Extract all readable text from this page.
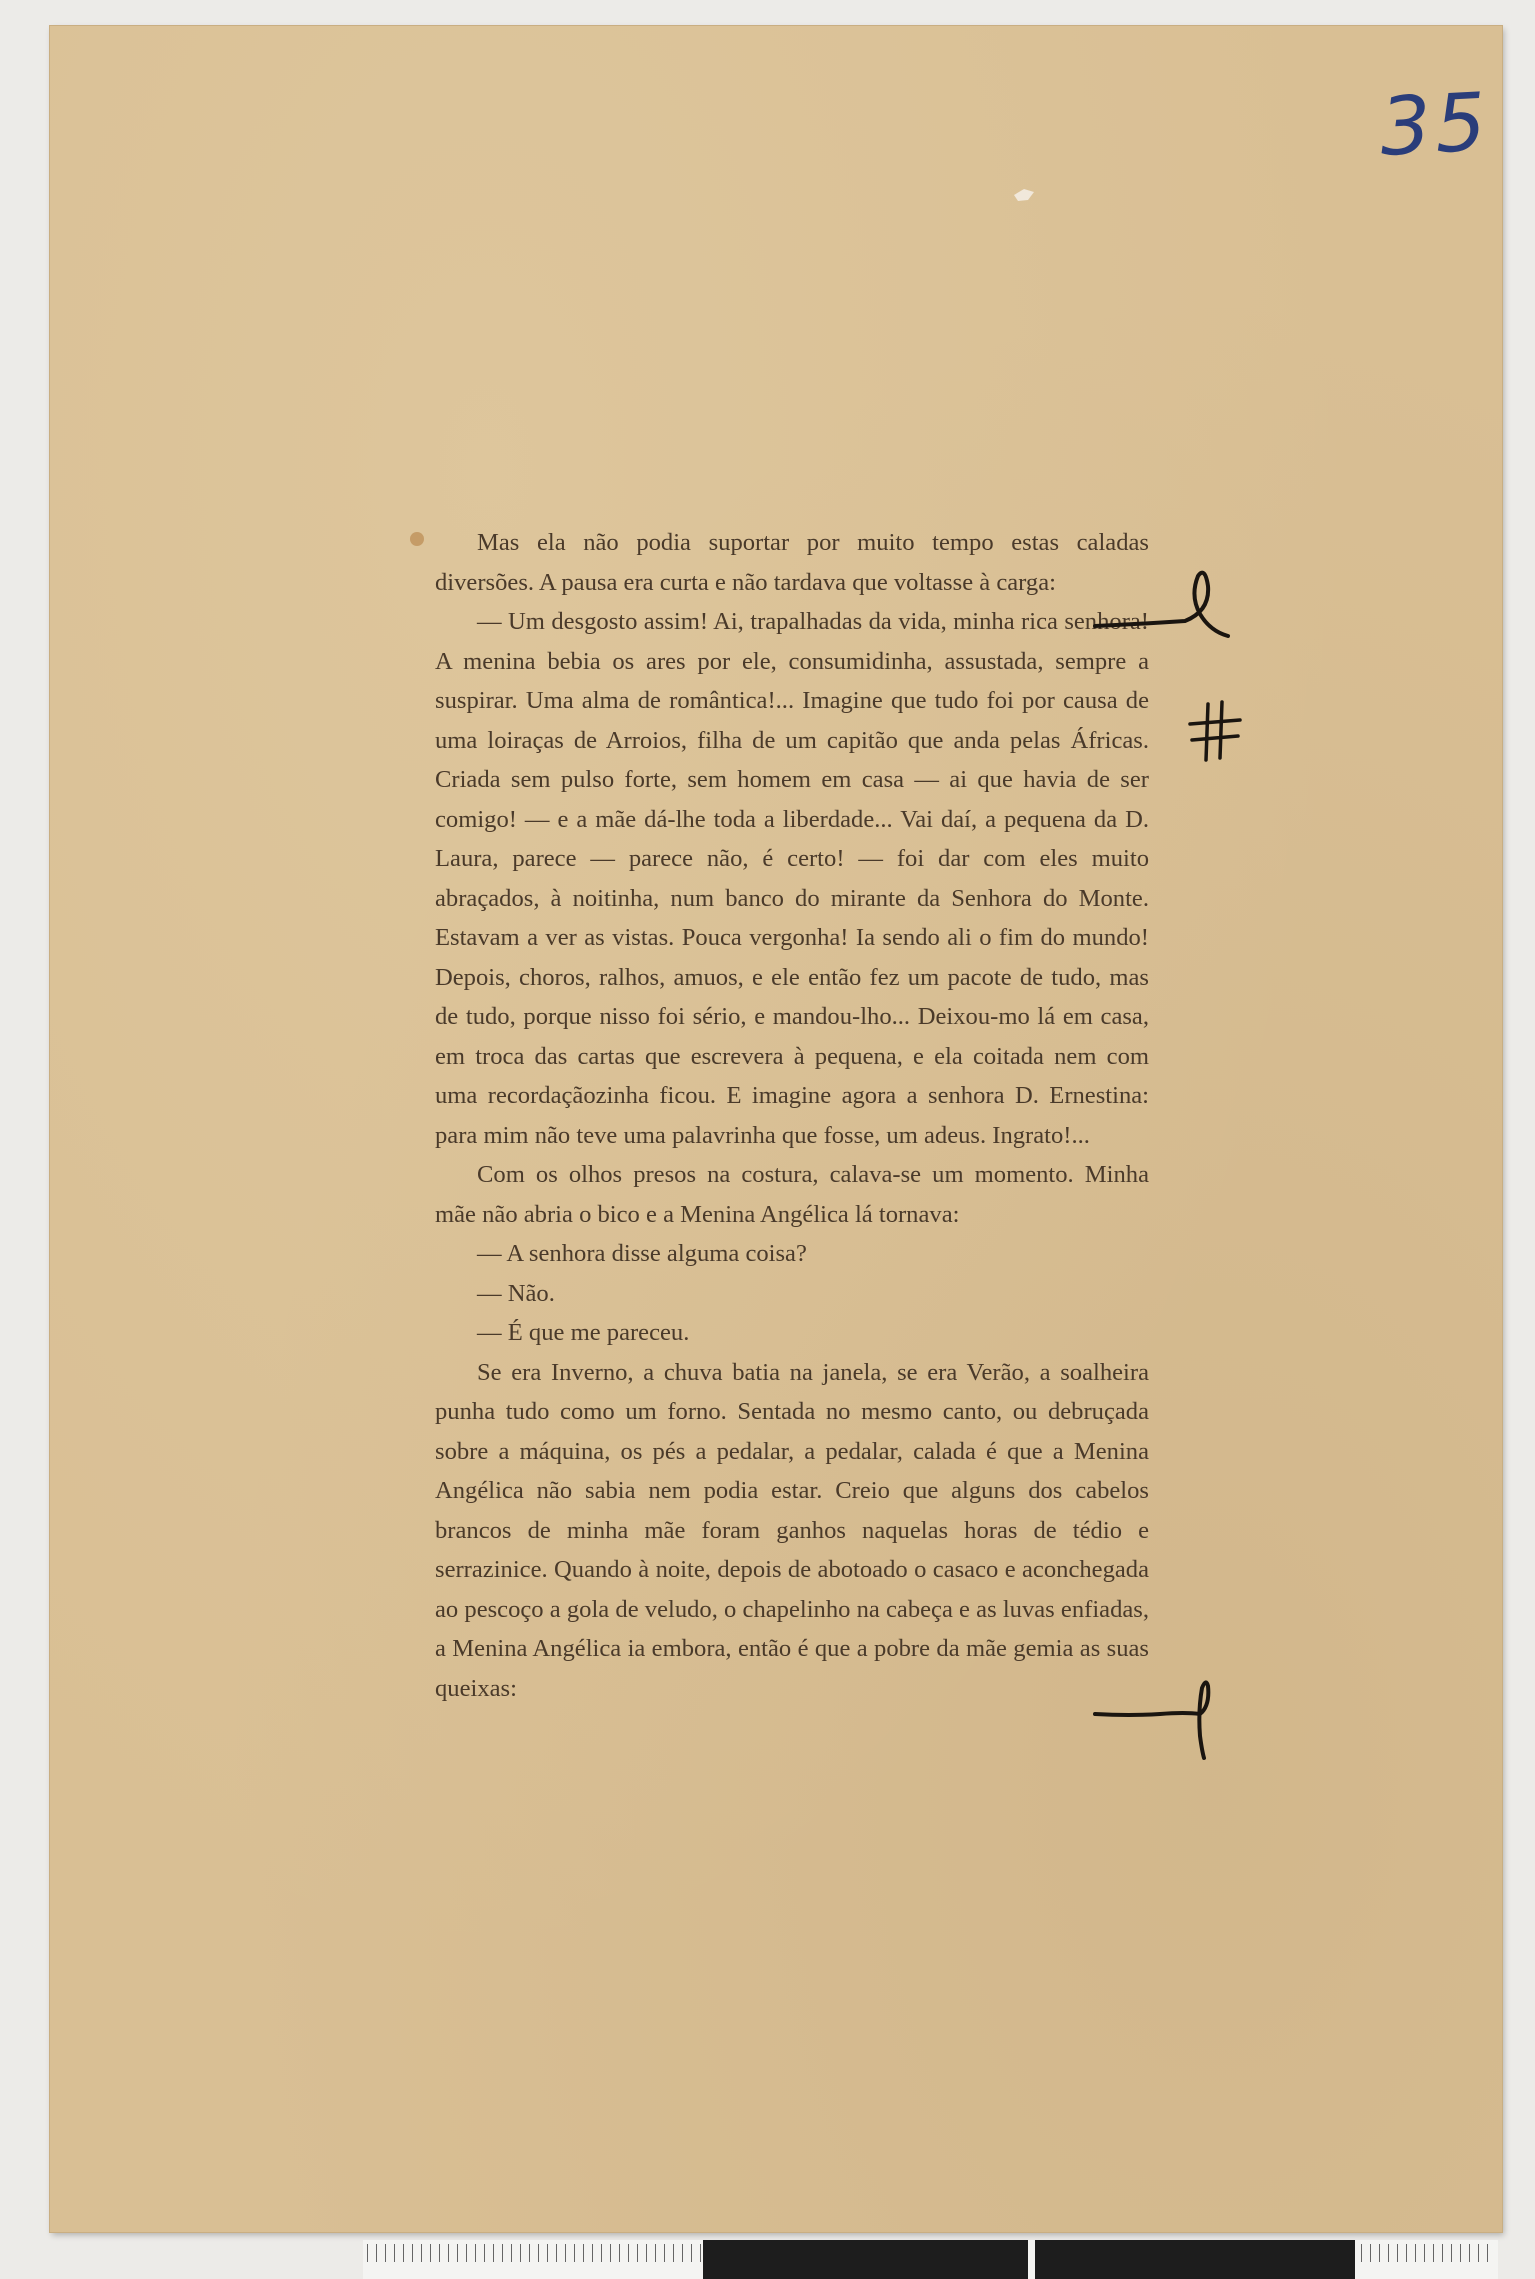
35

Mas ela não podia suportar por muito tempo estas caladas diversões. A pausa era curta e não tardava que voltasse à carga:

— Um desgosto assim! Ai, trapalhadas da vida, minha rica senhora! A menina bebia os ares por ele, consumidinha, assustada, sempre a suspirar. Uma alma de romântica!... Imagine que tudo foi por causa de uma loiraças de Arroios, filha de um capitão que anda pelas Áfricas. Criada sem pulso forte, sem homem em casa — ai que havia de ser comigo! — e a mãe dá-lhe toda a liberdade... Vai daí, a pequena da D. Laura, parece — parece não, é certo! — foi dar com eles muito abraçados, à noitinha, num banco do mirante da Senhora do Monte. Estavam a ver as vistas. Pouca vergonha! Ia sendo ali o fim do mundo! Depois, choros, ralhos, amuos, e ele então fez um pacote de tudo, mas de tudo, porque nisso foi sério, e mandou-lho... Deixou-mo lá em casa, em troca das cartas que escrevera à pequena, e ela coitada nem com uma recordaçãozinha ficou. E imagine agora a senhora D. Ernestina: para mim não teve uma palavrinha que fosse, um adeus. Ingrato!...

Com os olhos presos na costura, calava-se um momento. Minha mãe não abria o bico e a Menina Angélica lá tornava:

— A senhora disse alguma coisa?

— Não.

— É que me pareceu.

Se era Inverno, a chuva batia na janela, se era Verão, a soalheira punha tudo como um forno. Sentada no mesmo canto, ou debruçada sobre a máquina, os pés a pedalar, a pedalar, calada é que a Menina Angélica não sabia nem podia estar. Creio que alguns dos cabelos brancos de minha mãe foram ganhos naquelas horas de tédio e serrazinice. Quando à noite, depois de abotoado o casaco e aconchegada ao pescoço a gola de veludo, o chapelinho na cabeça e as luvas enfiadas, a Menina Angélica ia embora, então é que a pobre da mãe gemia as suas queixas:
